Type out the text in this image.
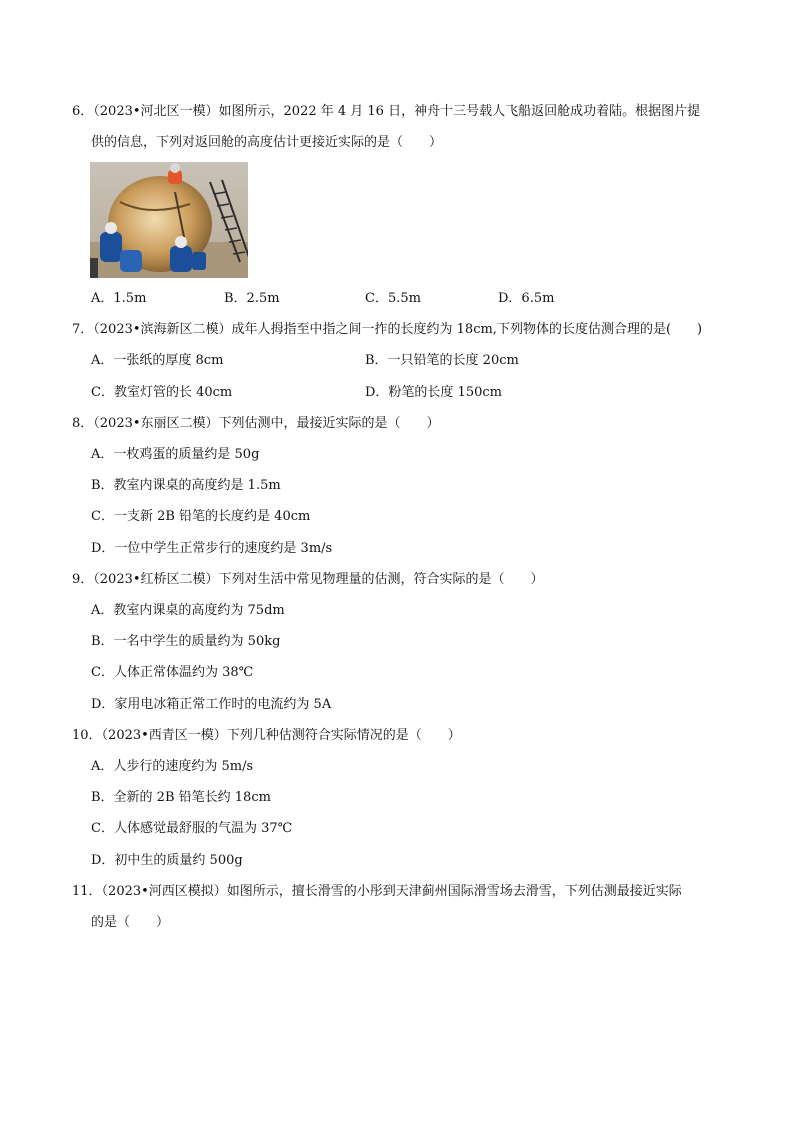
6．（2023•河北区一模）如图所示，2022 年 4 月 16 日，神舟十三号载人飞船返回舱成功着陆。根据图片提
供的信息，下列对返回舱的高度估计更接近实际的是（　　）
A．1.5m	B．2.5m	C．5.5m	D．6.5m
7．（2023•滨海新区二模）成年人拇指至中指之间一拃的长度约为 18cm,下列物体的长度估测合理的是(　　)
A．一张纸的厚度 8cm	B．一只铅笔的长度 20cm
C．教室灯管的长 40cm	D．粉笔的长度 150cm
8．（2023•东丽区二模）下列估测中，最接近实际的是（　　）
A．一枚鸡蛋的质量约是 50g
B．教室内课桌的高度约是 1.5m
C．一支新 2B 铅笔的长度约是 40cm
D．一位中学生正常步行的速度约是 3m/s
9．（2023•红桥区二模）下列对生活中常见物理量的估测，符合实际的是（　　）
A．教室内课桌的高度约为 75dm
B．一名中学生的质量约为 50kg
C．人体正常体温约为 38℃
D．家用电冰箱正常工作时的电流约为 5A
10．（2023•西青区一模）下列几种估测符合实际情况的是（　　）
A．人步行的速度约为 5m/s
B．全新的 2B 铅笔长约 18cm
C．人体感觉最舒服的气温为 37℃
D．初中生的质量约 500g
11．（2023•河西区模拟）如图所示，擅长滑雪的小彤到天津蓟州国际滑雪场去滑雪，下列估测最接近实际
的是（　　）
